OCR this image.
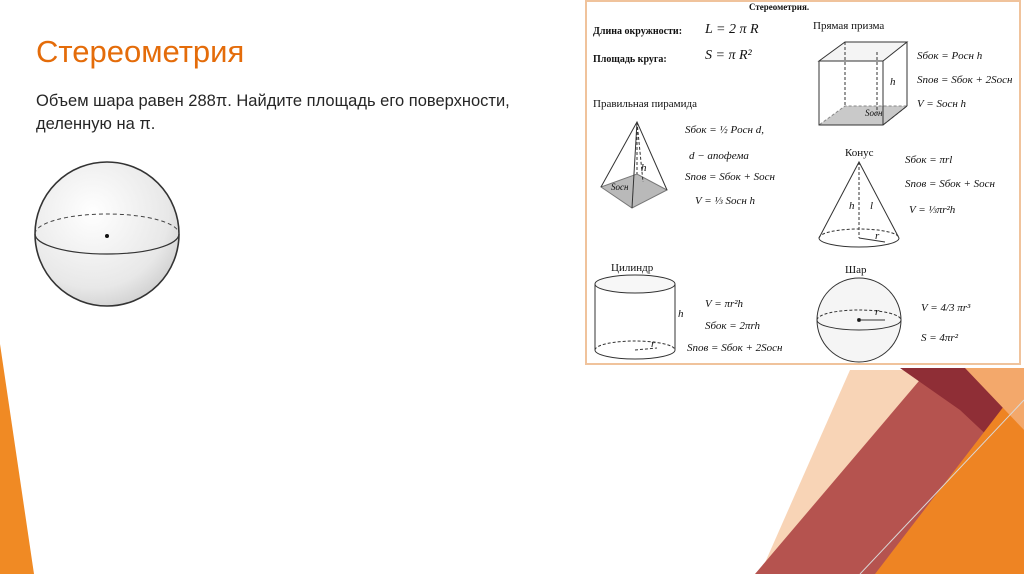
Стереометрия

Объем шара равен 288π. Найдите площадь его поверхности,
деленную на π.

Стереометрия.
Длина окружности: L = 2 π R
Площадь круга:	S = π R²
Прямая призма
Sбок = Pосн h
Sпов = Sбок + 2Sосн
V = Sосн h
h
Sосн
Правильная пирамида
Sбок = ½ Pосн d,
d − апофема
Sпов = Sбок + Sосн
V = ⅓ Sосн h
h
Sосн
Конус
Sбок = πrl
Sпов = Sбок + Sосн
V = ⅓πr²h
h l
r
Цилиндр
V = πr²h
Sбок = 2πrh
Sпов = Sбок + 2Sосн
h
r
Шар
V = 4/3 πr³
S = 4πr²
r
